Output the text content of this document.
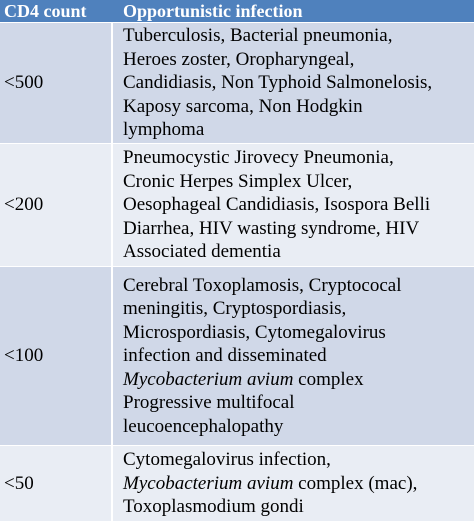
CD4 count	Opportunistic infection
<500
Tuberculosis, Bacterial pneumonia,
Heroes zoster, Oropharyngeal,
Candidiasis, Non Typhoid Salmonelosis,
Kaposy sarcoma, Non Hodgkin
lymphoma
<200
Pneumocystic Jirovecy Pneumonia,
Cronic Herpes Simplex Ulcer,
Oesophageal Candidiasis, Isospora Belli
Diarrhea, HIV wasting syndrome, HIV
Associated dementia
<100
Cerebral Toxoplamosis, Cryptococal
meningitis, Cryptospordiasis,
Microspordiasis, Cytomegalovirus
infection and disseminated
Mycobacterium avium complex
Progressive multifocal
leucoencephalopathy
<50
Cytomegalovirus infection,
Mycobacterium avium complex (mac),
Toxoplasmodium gondi
